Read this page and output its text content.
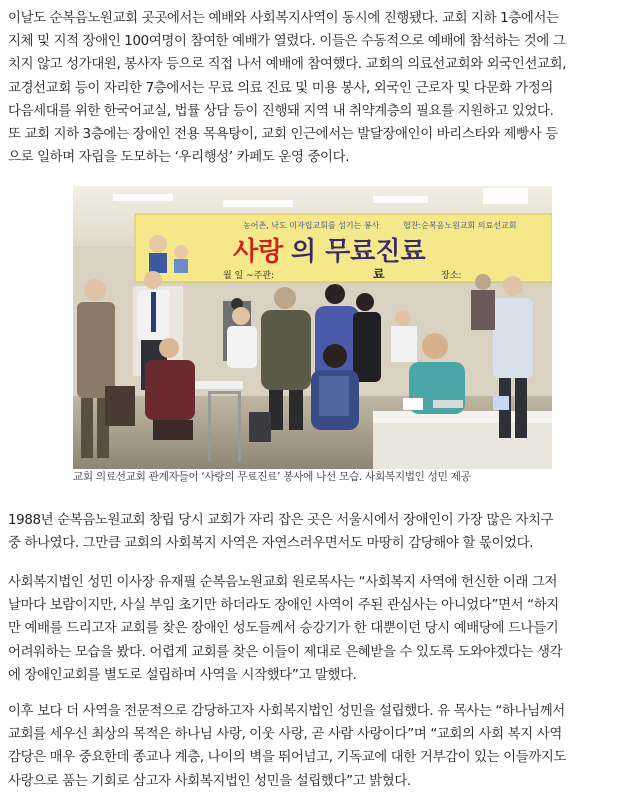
이날도 순복음노원교회 곳곳에서는 예배와 사회복지사역이 동시에 진행됐다. 교회 지하 1층에서는
지체 및 지적 장애인 100여명이 참여한 예배가 열렸다. 이들은 수동적으로 예배에 참석하는 것에 그
치지 않고 성가대원, 봉사자 등으로 직접 나서 예배에 참여했다. 교회의 의료선교회와 외국인선교회,
교경선교회 등이 자리한 7층에서는 무료 의료 진료 및 미용 봉사, 외국인 근로자 및 다문화 가정의
다음세대를 위한 한국어교실, 법률 상담 등이 진행돼 지역 내 취약계층의 필요를 지원하고 있었다.
또 교회 지하 3층에는 장애인 전용 목욕탕이, 교회 인근에서는 발달장애인이 바리스타와 제빵사 등
으로 일하며 자립을 도모하는 ‘우리행성’ 카페도 운영 중이다.

농어촌, 낙도 미자립교회를 섬기는 봉사	협찬:순복음노원교회 의료선교회
사랑 의 무료진료
월 일 ~주관:	료	장소:
교회 의료선교회 관계자들이 ‘사랑의 무료진료’ 봉사에 나선 모습. 사회복지법인 성민 제공

1988년 순복음노원교회 창립 당시 교회가 자리 잡은 곳은 서울시에서 장애인이 가장 많은 자치구
중 하나였다. 그만큼 교회의 사회복지 사역은 자연스러우면서도 마땅히 감당해야 할 몫이었다.

사회복지법인 성민 이사장 유재필 순복음노원교회 원로목사는 “사회복지 사역에 헌신한 이래 그저
날마다 보람이지만, 사실 부임 초기만 하더라도 장애인 사역이 주된 관심사는 아니었다”면서 “하지
만 예배를 드리고자 교회를 찾은 장애인 성도들께서 승강기가 한 대뿐이던 당시 예배당에 드나들기
어려워하는 모습을 봤다. 어렵게 교회를 찾은 이들이 제대로 은혜받을 수 있도록 도와야겠다는 생각
에 장애인교회를 별도로 설립하며 사역을 시작했다”고 말했다.

이후 보다 더 사역을 전문적으로 감당하고자 사회복지법인 성민을 설립했다. 유 목사는 “하나님께서
교회를 세우신 최상의 목적은 하나님 사랑, 이웃 사랑, 곧 사람 사랑이다”며 “교회의 사회 복지 사역
감당은 매우 중요한데 종교나 계층, 나이의 벽을 뛰어넘고, 기독교에 대한 거부감이 있는 이들까지도
사랑으로 품는 기회로 삼고자 사회복지법인 성민을 설립했다”고 밝혔다.
